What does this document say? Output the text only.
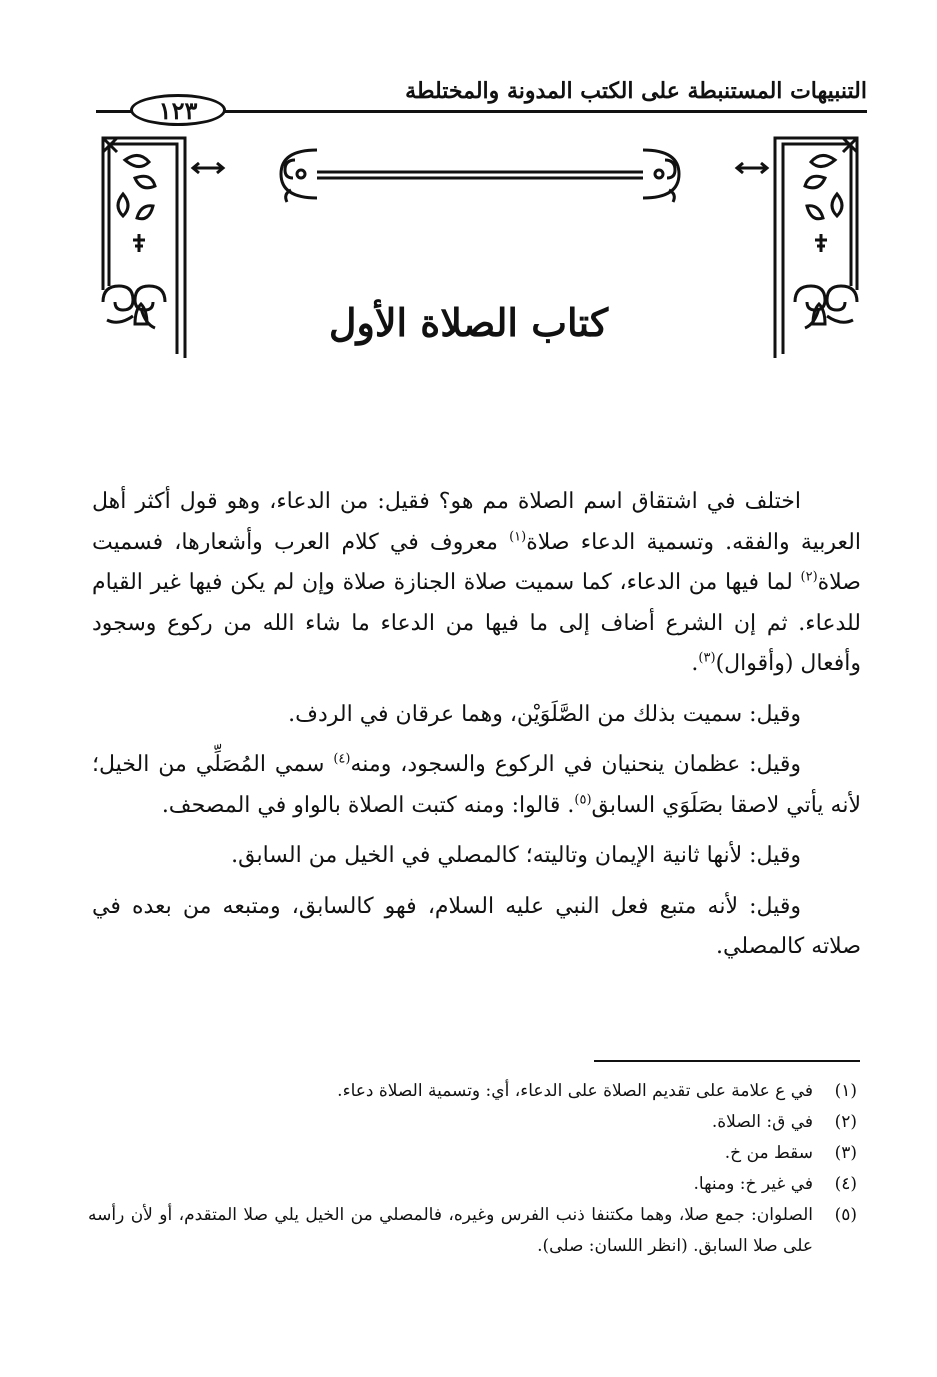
التنبيهات المستنبطة على الكتب المدونة والمختلطة
١٢٣
كتاب الصلاة الأول

اختلف في اشتقاق اسم الصلاة مم هو؟ فقيل: من الدعاء، وهو قول أكثر أهل العربية والفقه. وتسمية الدعاء صلاة$^{(١)}$ معروف في كلام العرب وأشعارها، فسميت صلاة$^{(٢)}$ لما فيها من الدعاء، كما سميت صلاة الجنازة صلاة وإن لم يكن فيها غير القيام للدعاء. ثم إن الشرع أضاف إلى ما فيها من الدعاء ما شاء الله من ركوع وسجود وأفعال (وأقوال)$^{(٣)}$.

وقيل: سميت بذلك من الصَّلَوَيْن، وهما عرقان في الردف.

وقيل: عظمان ينحنيان في الركوع والسجود، ومنه$^{(٤)}$ سمي المُصَلِّي من الخيل؛ لأنه يأتي لاصقا بصَلَوَي السابق$^{(٥)}$. قالوا: ومنه كتبت الصلاة بالواو في المصحف.

وقيل: لأنها ثانية الإيمان وتاليته؛ كالمصلي في الخيل من السابق.

وقيل: لأنه متبع فعل النبي عليه السلام، فهو كالسابق، ومتبعه من بعده في صلاته كالمصلي.

(١)
في ع علامة على تقديم الصلاة على الدعاء، أي: وتسمية الصلاة دعاء.
(٢)
في ق: الصلاة.
(٣)
سقط من خ.
(٤)
في غير خ: ومنها.
(٥)
الصلوان: جمع صلا، وهما مكتنفا ذنب الفرس وغيره، فالمصلي من الخيل يلي صلا المتقدم، أو لأن رأسه على صلا السابق. (انظر اللسان: صلى).
